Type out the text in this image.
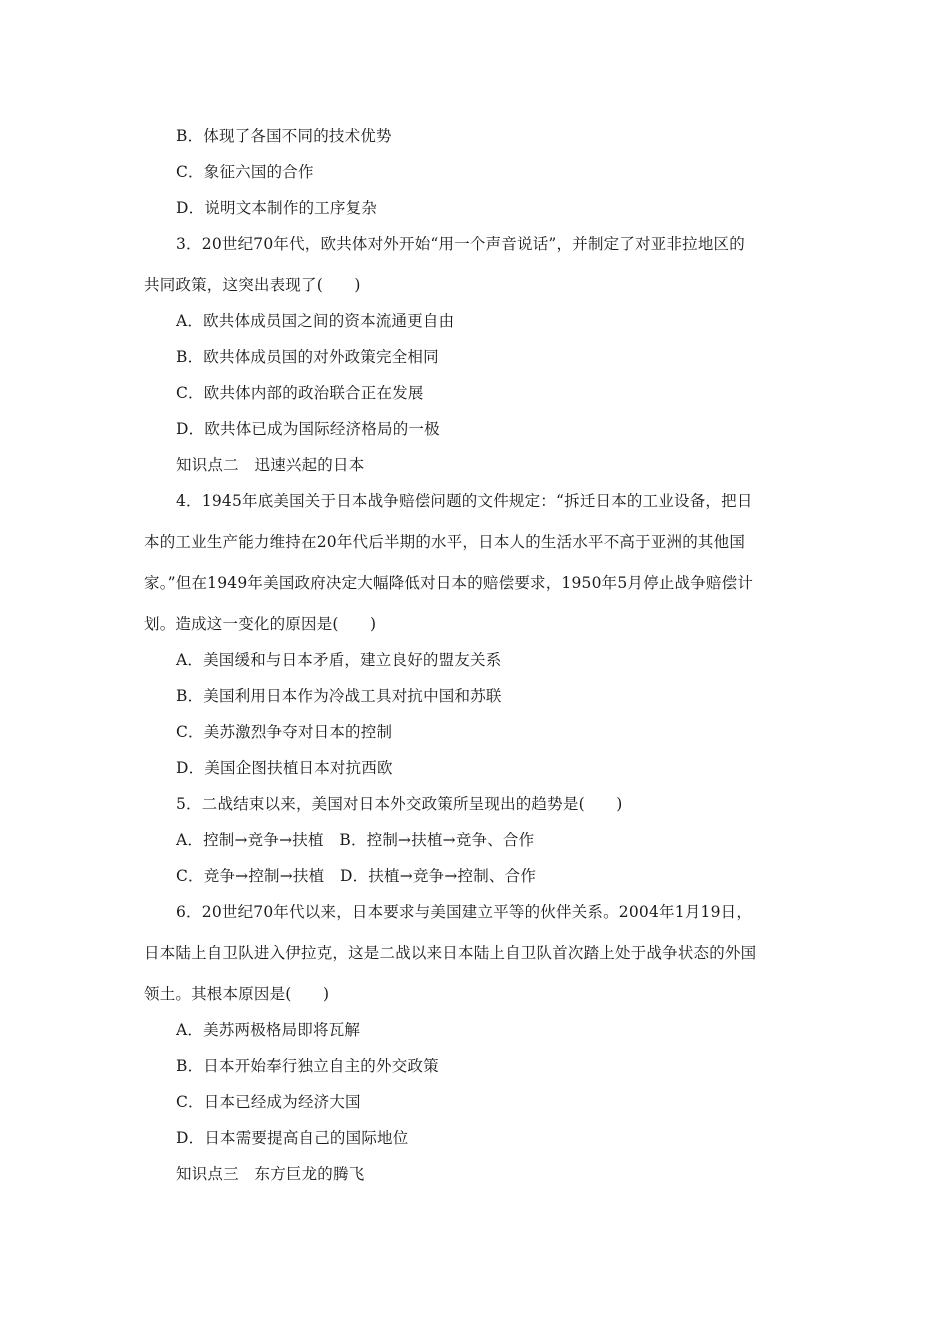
B．体现了各国不同的技术优势
C．象征六国的合作
D．说明文本制作的工序复杂
3．20世纪70年代，欧共体对外开始“用一个声音说话”，并制定了对亚非拉地区的
共同政策，这突出表现了(　　)
A．欧共体成员国之间的资本流通更自由
B．欧共体成员国的对外政策完全相同
C．欧共体内部的政治联合正在发展
D．欧共体已成为国际经济格局的一极
知识点二　迅速兴起的日本
4．1945年底美国关于日本战争赔偿问题的文件规定：“拆迁日本的工业设备，把日
本的工业生产能力维持在20年代后半期的水平，日本人的生活水平不高于亚洲的其他国
家。”但在1949年美国政府决定大幅降低对日本的赔偿要求，1950年5月停止战争赔偿计
划。造成这一变化的原因是(　　)
A．美国缓和与日本矛盾，建立良好的盟友关系
B．美国利用日本作为冷战工具对抗中国和苏联
C．美苏激烈争夺对日本的控制
D．美国企图扶植日本对抗西欧
5．二战结束以来，美国对日本外交政策所呈现出的趋势是(　　)
A．控制→竞争→扶植　B．控制→扶植→竞争、合作
C．竞争→控制→扶植　D．扶植→竞争→控制、合作
6．20世纪70年代以来，日本要求与美国建立平等的伙伴关系。2004年1月19日，
日本陆上自卫队进入伊拉克，这是二战以来日本陆上自卫队首次踏上处于战争状态的外国
领土。其根本原因是(　　)
A．美苏两极格局即将瓦解
B．日本开始奉行独立自主的外交政策
C．日本已经成为经济大国
D．日本需要提高自己的国际地位
知识点三　东方巨龙的腾飞
